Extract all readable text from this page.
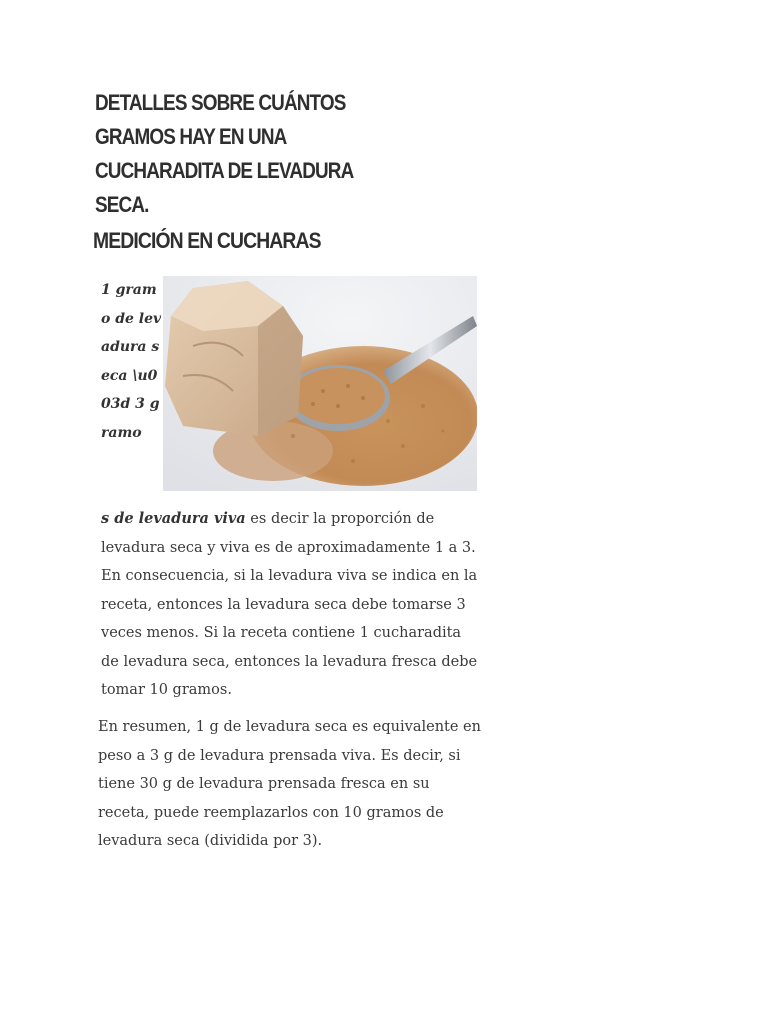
DETALLES SOBRE CUÁNTOS GRAMOS HAY EN UNA CUCHARADITA DE LEVADURA SECA.
MEDICIÓN EN CUCHARAS
1 gramo de levadura seca \u003d 3 gramo

s de levadura viva es decir la proporción de levadura seca y viva es de aproximadamente 1 a 3. En consecuencia, si la levadura viva se indica en la receta, entonces la levadura seca debe tomarse 3 veces menos. Si la receta contiene 1 cucharadita de levadura seca, entonces la levadura fresca debe tomar 10 gramos.

En resumen, 1 g de levadura seca es equivalente en peso a 3 g de levadura prensada viva. Es decir, si tiene 30 g de levadura prensada fresca en su receta, puede reemplazarlos con 10 gramos de levadura seca (dividida por 3).
